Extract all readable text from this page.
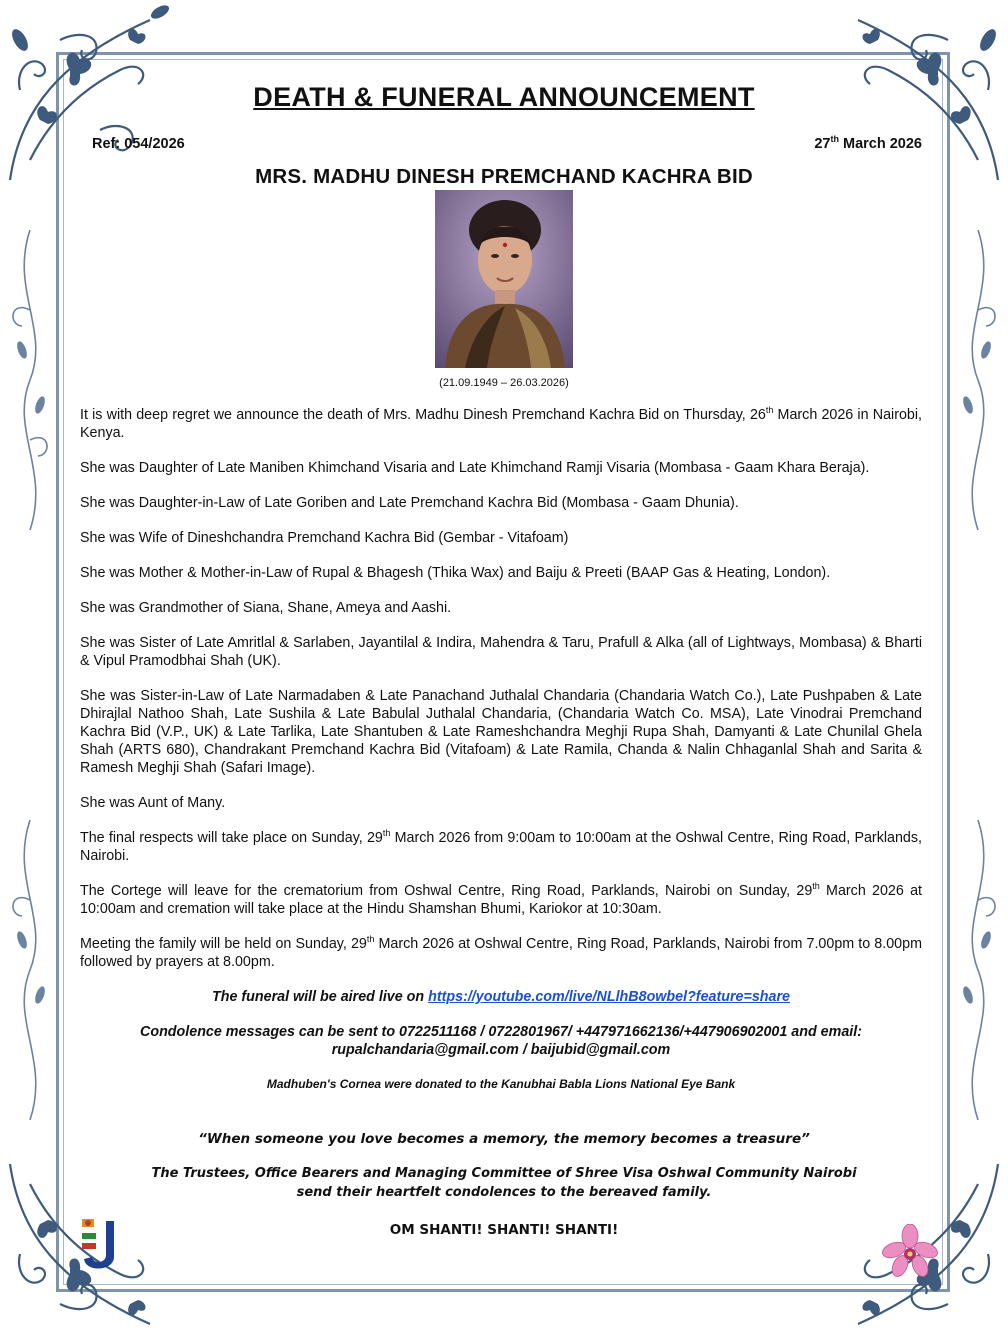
DEATH & FUNERAL ANNOUNCEMENT
Ref: 054/2026	27th March 2026
MRS. MADHU DINESH PREMCHAND KACHRA BID
(21.09.1949 – 26.03.2026)

It is with deep regret we announce the death of Mrs. Madhu Dinesh Premchand Kachra Bid on Thursday, 26th March 2026 in Nairobi, Kenya.

She was Daughter of Late Maniben Khimchand Visaria and Late Khimchand Ramji Visaria (Mombasa - Gaam Khara Beraja).

She was Daughter-in-Law of Late Goriben and Late Premchand Kachra Bid (Mombasa - Gaam Dhunia).

She was Wife of Dineshchandra Premchand Kachra Bid (Gembar - Vitafoam)

She was Mother & Mother-in-Law of Rupal & Bhagesh (Thika Wax) and Baiju & Preeti (BAAP Gas & Heating, London).

She was Grandmother of Siana, Shane, Ameya and Aashi.

She was Sister of Late Amritlal & Sarlaben, Jayantilal & Indira, Mahendra & Taru, Prafull & Alka (all of Lightways, Mombasa) & Bharti & Vipul Pramodbhai Shah (UK).

She was Sister-in-Law of Late Narmadaben & Late Panachand Juthalal Chandaria (Chandaria Watch Co.), Late Pushpaben & Late Dhirajlal Nathoo Shah, Late Sushila & Late Babulal Juthalal Chandaria, (Chandaria Watch Co. MSA), Late Vinodrai Premchand Kachra Bid (V.P., UK) & Late Tarlika, Late Shantuben & Late Rameshchandra Meghji Rupa Shah, Damyanti & Late Chunilal Ghela Shah (ARTS 680), Chandrakant Premchand Kachra Bid (Vitafoam) & Late Ramila, Chanda & Nalin Chhaganlal Shah and Sarita & Ramesh Meghji Shah (Safari Image).

She was Aunt of Many.

The final respects will take place on Sunday, 29th March 2026 from 9:00am to 10:00am at the Oshwal Centre, Ring Road, Parklands, Nairobi.

The Cortege will leave for the crematorium from Oshwal Centre, Ring Road, Parklands, Nairobi on Sunday, 29th March 2026 at 10:00am and cremation will take place at the Hindu Shamshan Bhumi, Kariokor at 10:30am.

Meeting the family will be held on Sunday, 29th March 2026 at Oshwal Centre, Ring Road, Parklands, Nairobi from 7.00pm to 8.00pm followed by prayers at 8.00pm.

The funeral will be aired live on https://youtube.com/live/NLlhB8owbel?feature=share
Condolence messages can be sent to 0722511168 / 0722801967/ +447971662136/+447906902001 and email:
rupalchandaria@gmail.com / baijubid@gmail.com
Madhuben's Cornea were donated to the Kanubhai Babla Lions National Eye Bank
“When someone you love becomes a memory, the memory becomes a treasure”
The Trustees, Office Bearers and Managing Committee of Shree Visa Oshwal Community Nairobi
send their heartfelt condolences to the bereaved family.
OM SHANTI! SHANTI! SHANTI!
